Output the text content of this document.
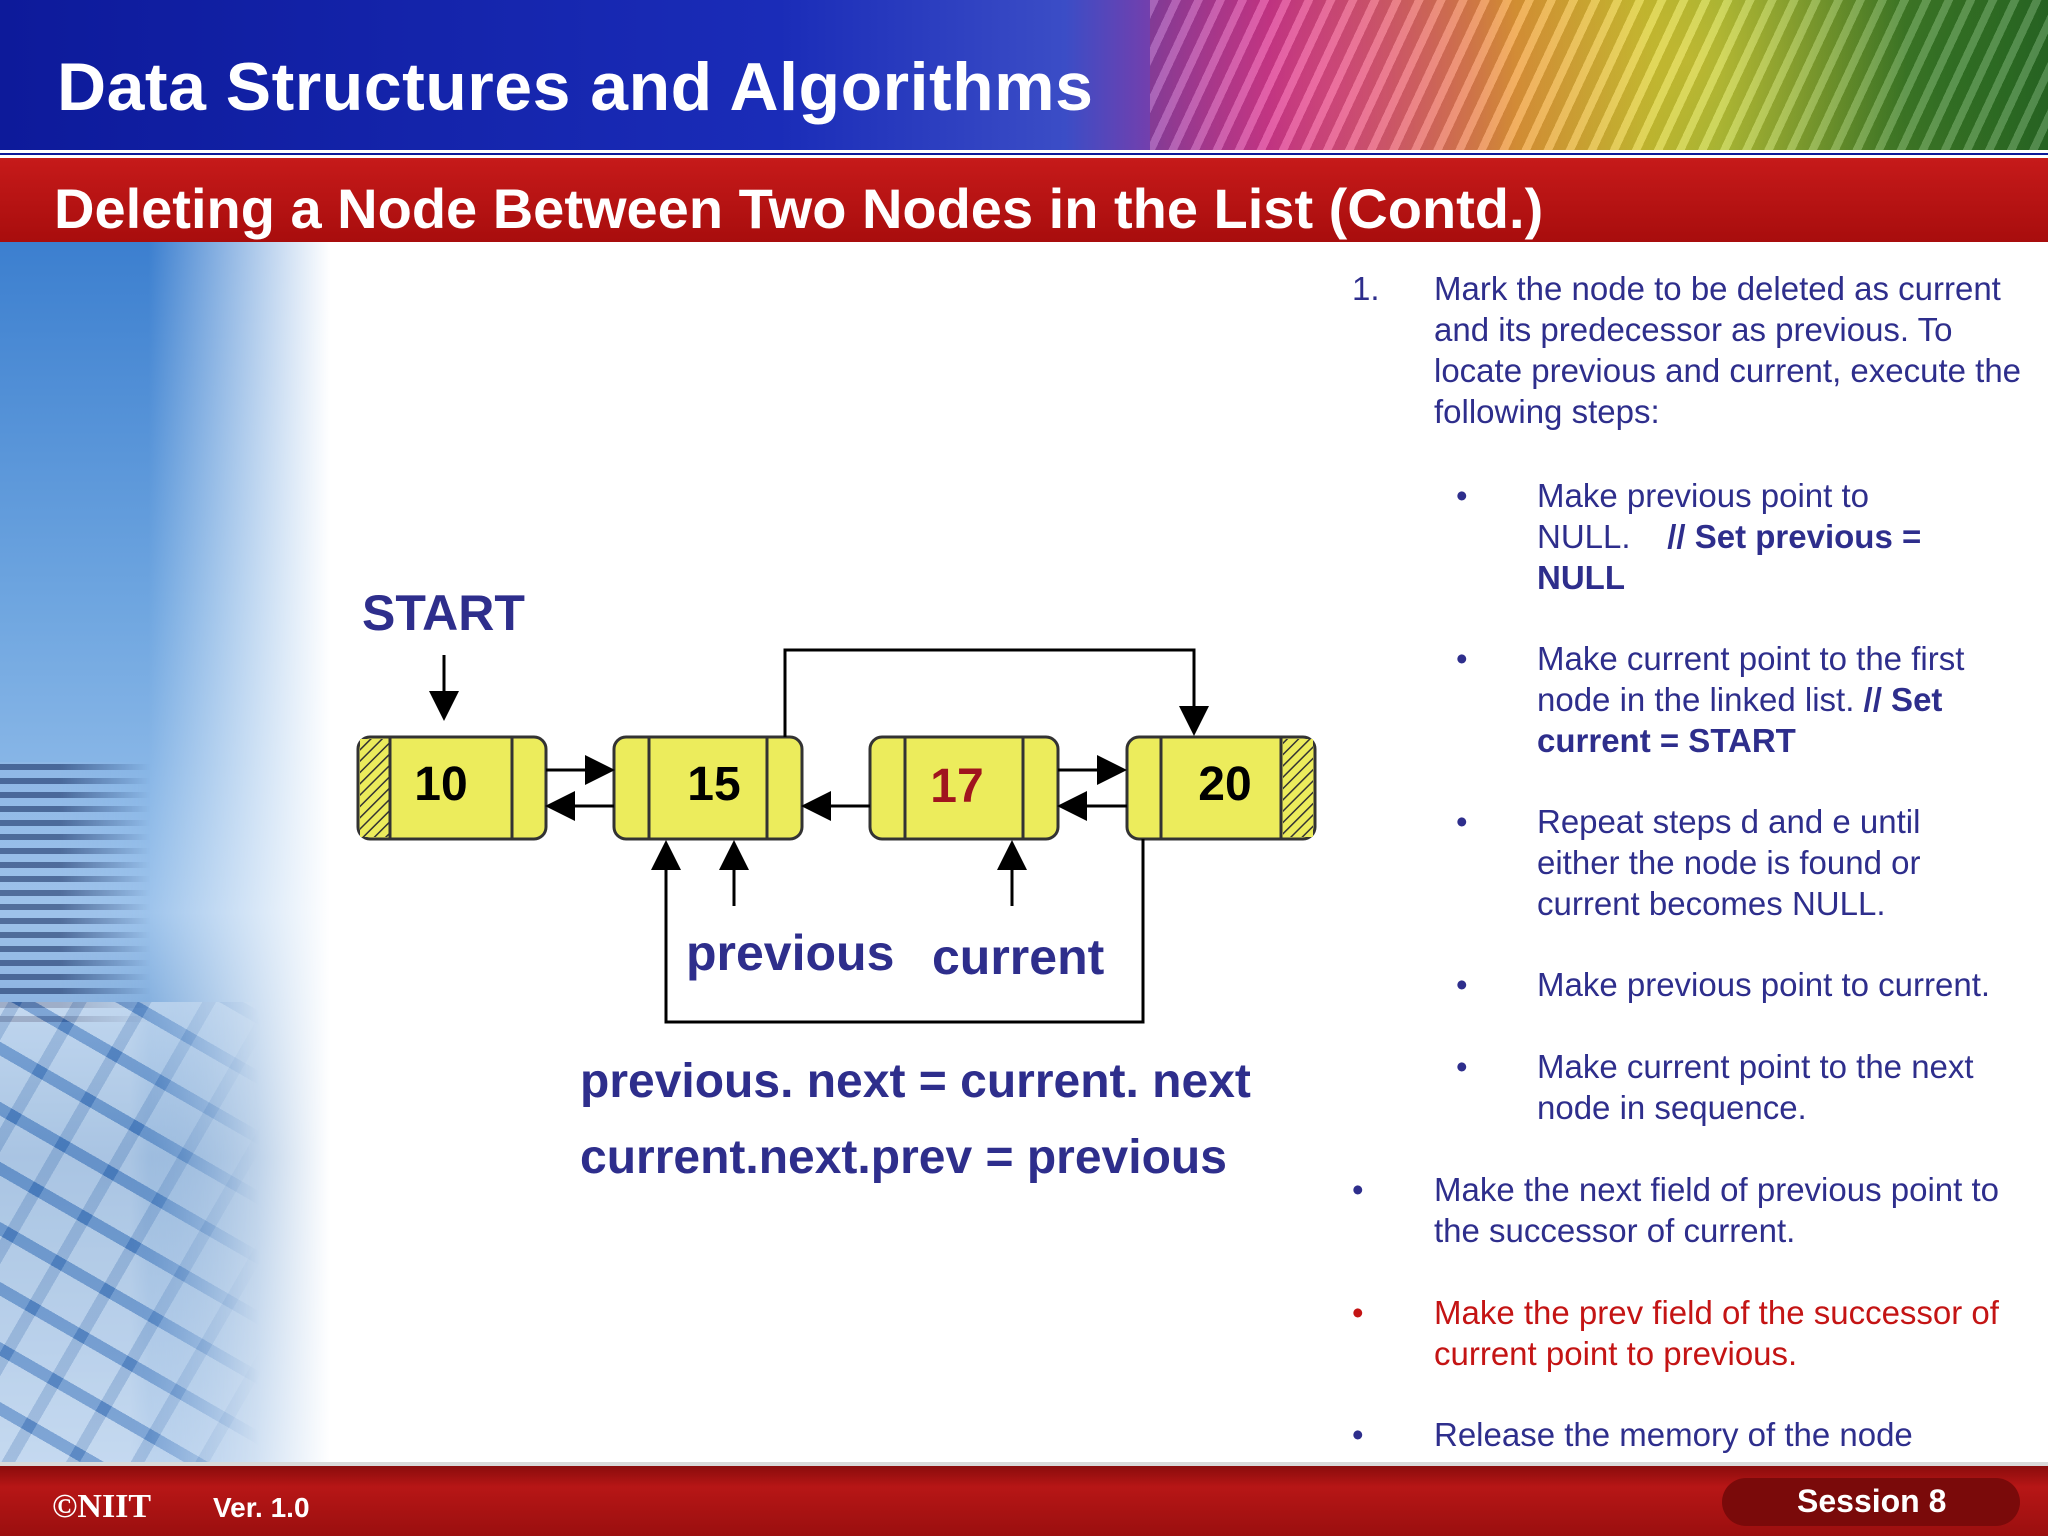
Data Structures and Algorithms
Deleting a Node Between Two Nodes in the List (Contd.)
START
10	15	17	20
previous current
previous. next = current. next
current.next.prev = previous
1. Mark the node to be deleted as current and its predecessor as previous. To locate previous and current, execute the following steps:
• Make previous point to NULL. // Set previous = NULL
• Make current point to the first node in the linked list. // Set current = START
• Repeat steps d and e until either the node is found or current becomes NULL.
• Make previous point to current.
• Make current point to the next node in sequence.
• Make the next field of previous point to the successor of current.
• Make the prev field of the successor of current point to previous.
• Release the memory of the node
©NIIT Ver. 1.0	Session 8
